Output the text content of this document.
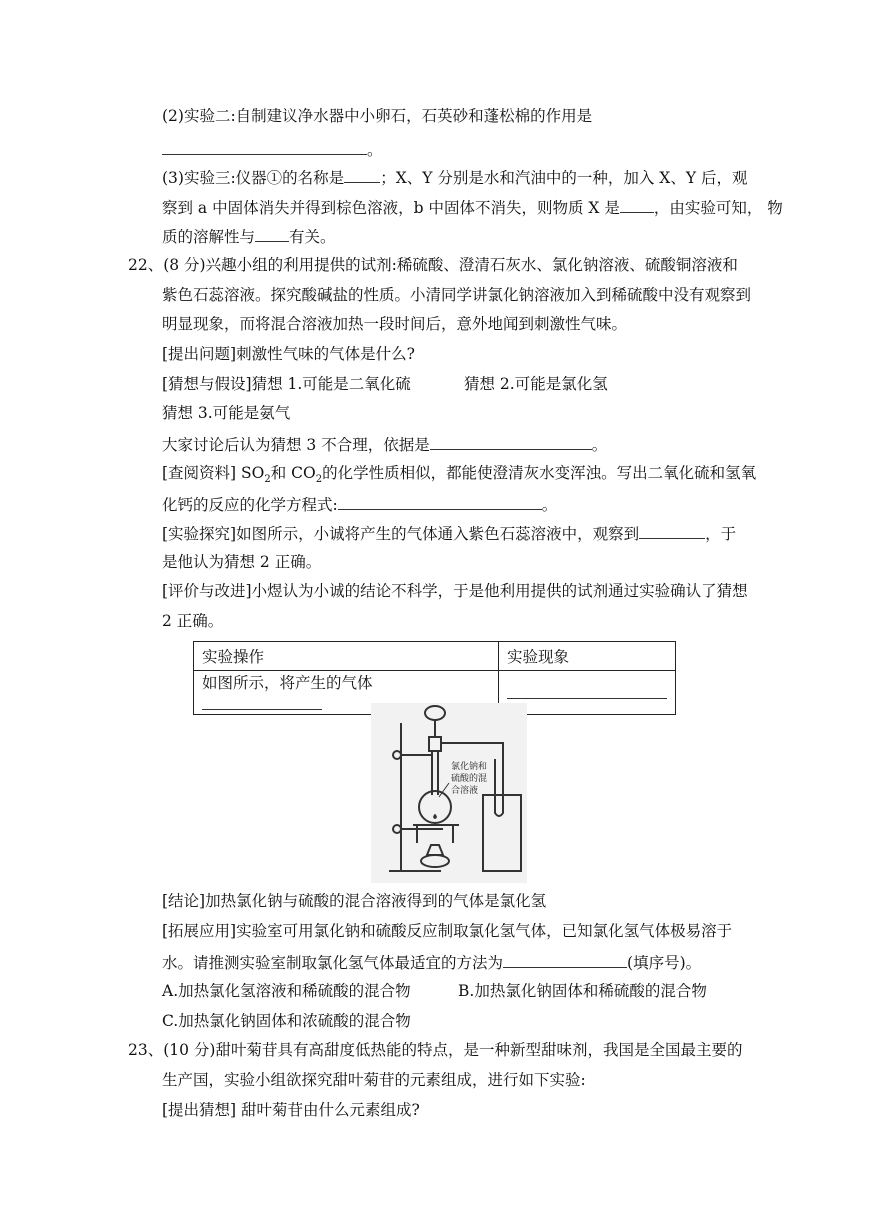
(2)实验二:自制建议净水器中小卵石，石英砂和蓬松棉的作用是
。
(3)实验三:仪器①的名称是 ；X、Y 分别是水和汽油中的一种，加入 X、Y 后，观
察到 a 中固体消失并得到棕色溶液，b 中固体不消失，则物质 X 是 ，由实验可知， 物
质的溶解性与 有关。
22、(8 分)兴趣小组的利用提供的试剂:稀硫酸、澄清石灰水、氯化钠溶液、硫酸铜溶液和
紫色石蕊溶液。探究酸碱盐的性质。小清同学讲氯化钠溶液加入到稀硫酸中没有观察到
明显现象，而将混合溶液加热一段时间后，意外地闻到刺激性气味。
[提出问题]刺激性气味的气体是什么?
[猜想与假设]猜想 1.可能是二氧化硫	猜想 2.可能是氯化氢
猜想 3.可能是氨气
大家讨论后认为猜想 3 不合理，依据是	。
[查阅资料] $SO_2$和 $CO_2$的化学性质相似，都能使澄清灰水变浑浊。写出二氧化硫和氢氧
化钙的反应的化学方程式:	。
[实验探究]如图所示，小诚将产生的气体通入紫色石蕊溶液中，观察到	，于
是他认为猜想 2 正确。
[评价与改进]小煜认为小诚的结论不科学，于是他利用提供的试剂通过实验确认了猜想
2 正确。
实验操作	实验现象
如图所示，将产生的气体	
氯化钠和
硫酸的混
合溶液
[结论]加热氯化钠与硫酸的混合溶液得到的气体是氯化氢
[拓展应用]实验室可用氯化钠和硫酸反应制取氯化氢气体，已知氯化氢气体极易溶于
水。请推测实验室制取氯化氢气体最适宜的方法为	(填序号)。
A.加热氯化氢溶液和稀硫酸的混合物	B.加热氯化钠固体和稀硫酸的混合物
C.加热氯化钠固体和浓硫酸的混合物
23、(10 分)甜叶菊苷具有高甜度低热能的特点，是一种新型甜味剂，我国是全国最主要的
生产国，实验小组欲探究甜叶菊苷的元素组成，进行如下实验:
[提出猜想] 甜叶菊苷由什么元素组成?
